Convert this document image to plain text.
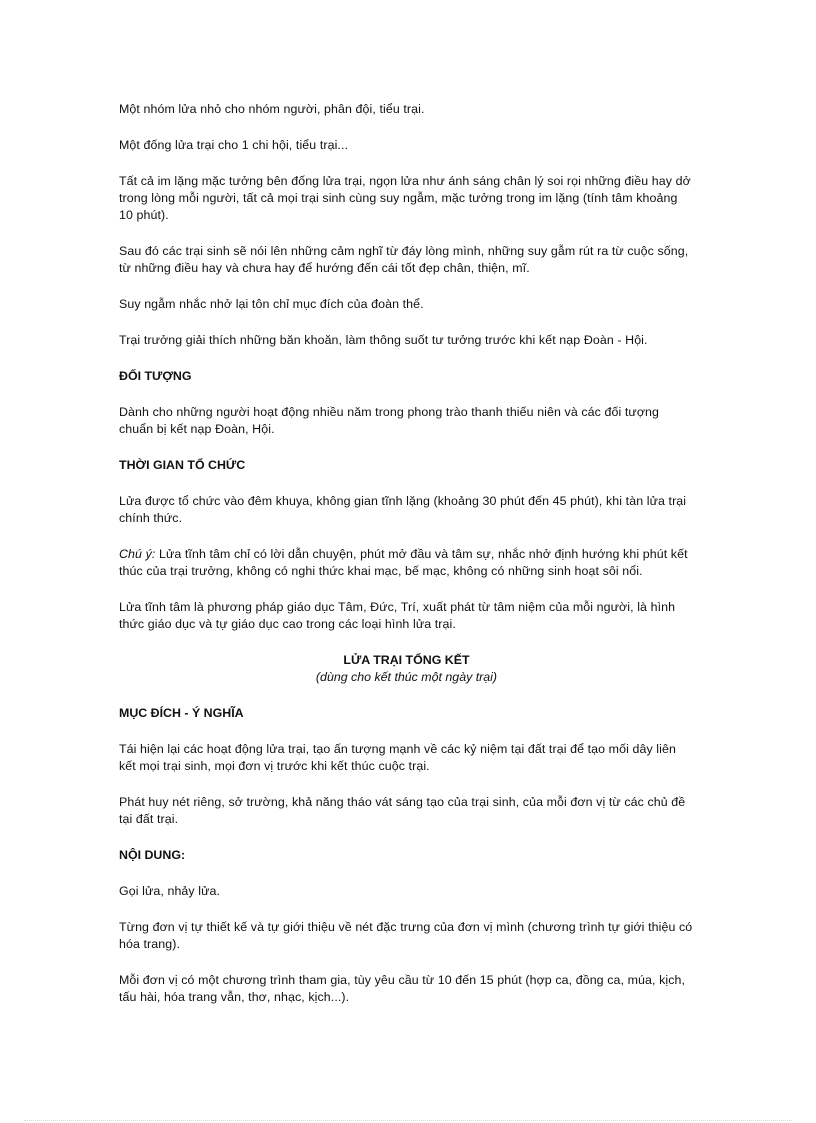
Một nhóm lửa nhỏ cho nhóm người, phân đội, tiểu trại.

Một đống lửa trại cho 1 chi hội, tiểu trại...

Tất cả im lặng mặc tưởng bên đống lửa trại, ngọn lửa như ánh sáng chân lý soi rọi những điều hay dở trong lòng mỗi người, tất cả mọi trại sinh cùng suy ngẫm, mặc tưởng trong im lặng (tính tâm khoảng 10 phút).

Sau đó các trại sinh sẽ nói lên những cảm nghĩ từ đáy lòng mình, những suy gẫm rút ra từ cuộc sống, từ những điều hay và chưa hay để hướng đến cái tốt đẹp chân, thiện, mĩ.

Suy ngẫm nhắc nhở lại tôn chỉ mục đích của đoàn thể.

Trại trưởng giải thích những băn khoăn, làm thông suốt tư tưởng trước khi kết nạp Đoàn - Hội.

ĐỐI TƯỢNG

Dành cho những người hoạt động nhiều năm trong phong trào thanh thiếu niên và các đối tượng chuẩn bị kết nạp Đoàn, Hội.

THỜI GIAN TỔ CHỨC

Lửa được tổ chức vào đêm khuya, không gian tĩnh lặng (khoảng 30 phút đến 45 phút), khi tàn lửa trại chính thức.

Chú ý: Lửa tĩnh tâm chỉ có lời dẫn chuyện, phút mở đầu và tâm sự, nhắc nhở định hướng khi phút kết thúc của trại trưởng, không có nghi thức khai mạc, bế mạc, không có những sinh hoạt sôi nổi.

Lửa tĩnh tâm là phương pháp giáo dục Tâm, Đức, Trí, xuất phát từ tâm niệm của mỗi người, là hình thức giáo dục và tự giáo dục cao trong các loại hình lửa trại.

LỬA TRẠI TỔNG KẾT
(dùng cho kết thúc một ngày trại)

MỤC ĐÍCH - Ý NGHĨA

Tái hiện lại các hoạt động lửa trại, tạo ấn tượng mạnh về các kỷ niệm tại đất trại để tạo mối dây liên kết mọi trại sinh, mọi đơn vị trước khi kết thúc cuộc trại.

Phát huy nét riêng, sở trường, khả năng tháo vát sáng tạo của trại sinh, của mỗi đơn vị từ các chủ đề tại đất trại.

NỘI DUNG:

Gọi lửa, nhảy lửa.

Từng đơn vị tự thiết kế và tự giới thiệu về nét đặc trưng của đơn vị mình (chương trình tự giới thiệu có hóa trang).

Mỗi đơn vị có một chương trình tham gia, tùy yêu cầu từ 10 đến 15 phút (hợp ca, đồng ca, múa, kịch, tấu hài, hóa trang vẫn, thơ, nhạc, kịch...).
